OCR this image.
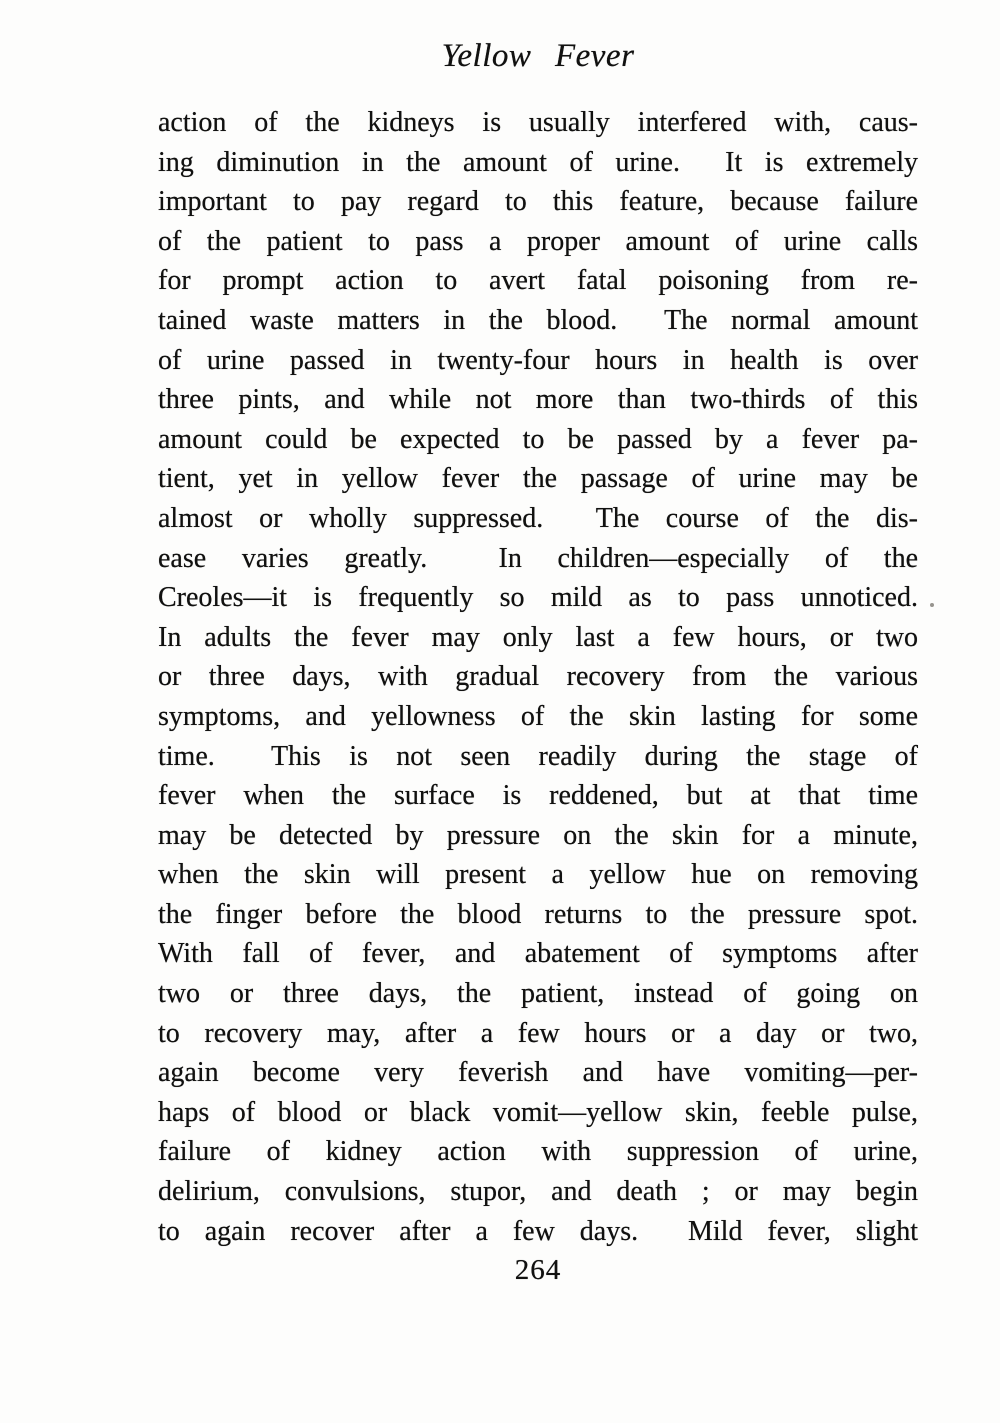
Yellow Fever
action of the kidneys is usually interfered with, caus-
ing diminution in the amount of urine.  It is extremely
important to pay regard to this feature, because failure
of the patient to pass a proper amount of urine calls
for prompt action to avert fatal poisoning from re-
tained waste matters in the blood.  The normal amount
of urine passed in twenty-four hours in health is over
three pints, and while not more than two-thirds of this
amount could be expected to be passed by a fever pa-
tient, yet in yellow fever the passage of urine may be
almost or wholly suppressed.  The course of the dis-
ease varies greatly.  In children—especially of the
Creoles—it is frequently so mild as to pass unnoticed.
In adults the fever may only last a few hours, or two
or three days, with gradual recovery from the various
symptoms, and yellowness of the skin lasting for some
time.  This is not seen readily during the stage of
fever when the surface is reddened, but at that time
may be detected by pressure on the skin for a minute,
when the skin will present a yellow hue on removing
the finger before the blood returns to the pressure spot.
With fall of fever, and abatement of symptoms after
two or three days, the patient, instead of going on
to recovery may, after a few hours or a day or two,
again become very feverish and have vomiting—per-
haps of blood or black vomit—yellow skin, feeble pulse,
failure of kidney action with suppression of urine,
delirium, convulsions, stupor, and death ; or may begin
to again recover after a few days.  Mild fever, slight
264
